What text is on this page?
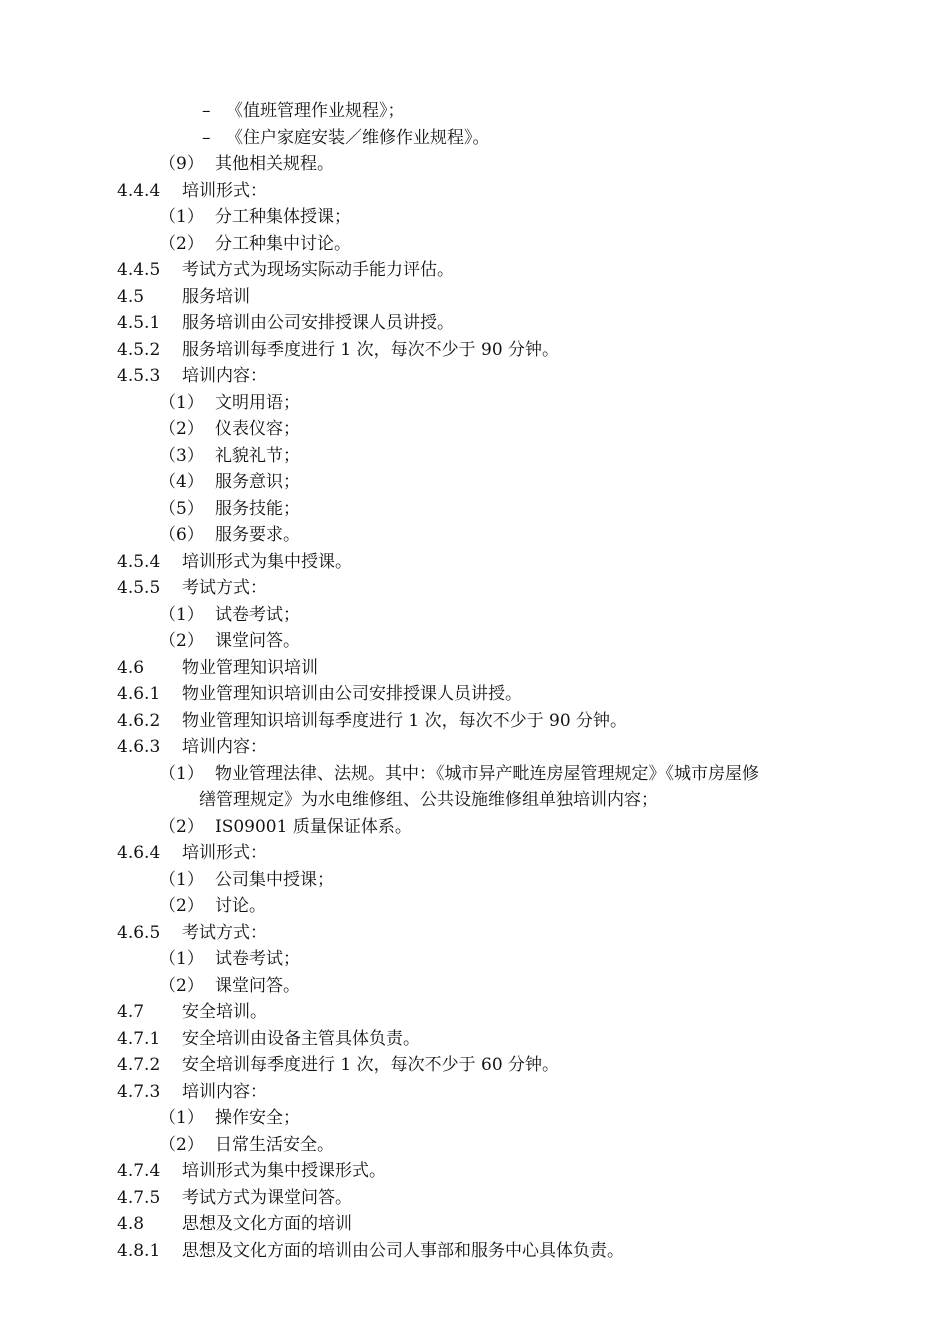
– 《值班管理作业规程》；
– 《住户家庭安装／维修作业规程》。
（9） 其他相关规程。
4.4.4 培训形式：
（1） 分工种集体授课；
（2） 分工种集中讨论。
4.4.5 考试方式为现场实际动手能力评估。
4.5 服务培训
4.5.1 服务培训由公司安排授课人员讲授。
4.5.2 服务培训每季度进行 1 次，每次不少于 90 分钟。
4.5.3 培训内容：
（1） 文明用语；
（2） 仪表仪容；
（3） 礼貌礼节；
（4） 服务意识；
（5） 服务技能；
（6） 服务要求。
4.5.4 培训形式为集中授课。
4.5.5 考试方式：
（1） 试卷考试；
（2） 课堂问答。
4.6 物业管理知识培训
4.6.1 物业管理知识培训由公司安排授课人员讲授。
4.6.2 物业管理知识培训每季度进行 1 次，每次不少于 90 分钟。
4.6.3 培训内容：
（1） 物业管理法律、法规。其中：《城市异产毗连房屋管理规定》《城市房屋修
缮管理规定》为水电维修组、公共设施维修组单独培训内容；
（2） IS09001 质量保证体系。
4.6.4 培训形式：
（1） 公司集中授课；
（2） 讨论。
4.6.5 考试方式：
（1） 试卷考试；
（2） 课堂问答。
4.7 安全培训。
4.7.1 安全培训由设备主管具体负责。
4.7.2 安全培训每季度进行 1 次，每次不少于 60 分钟。
4.7.3 培训内容：
（1） 操作安全；
（2） 日常生活安全。
4.7.4 培训形式为集中授课形式。
4.7.5 考试方式为课堂问答。
4.8 思想及文化方面的培训
4.8.1 思想及文化方面的培训由公司人事部和服务中心具体负责。
